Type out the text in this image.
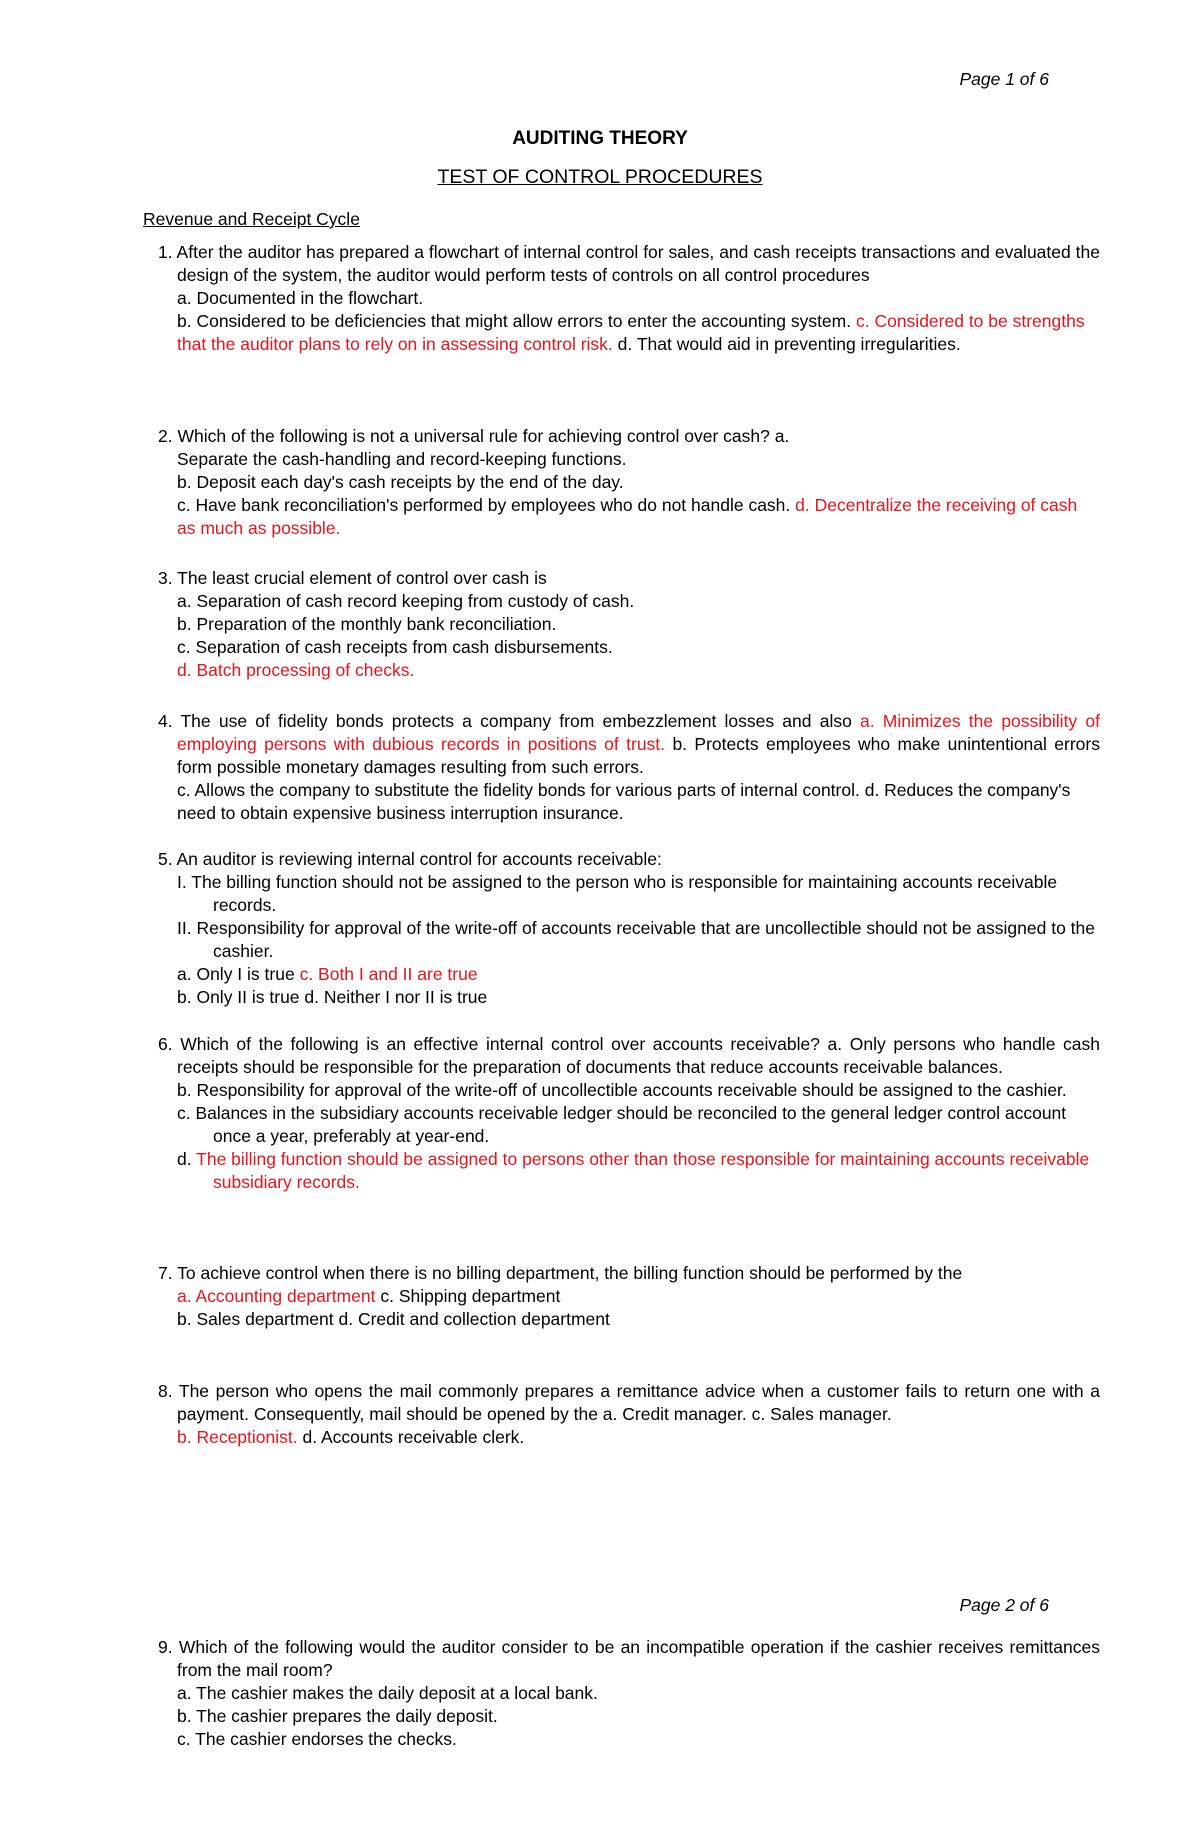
Page 1 of 6
AUDITING THEORY
TEST OF CONTROL PROCEDURES
Revenue and Receipt Cycle
1. After the auditor has prepared a flowchart of internal control for sales, and cash receipts transactions and evaluated the design of the system, the auditor would perform tests of controls on all control procedures
a. Documented in the flowchart.
b. Considered to be deficiencies that might allow errors to enter the accounting system. c. Considered to be strengths that the auditor plans to rely on in assessing control risk. d. That would aid in preventing irregularities.
2. Which of the following is not a universal rule for achieving control over cash? a.
Separate the cash-handling and record-keeping functions.
b. Deposit each day's cash receipts by the end of the day.
c. Have bank reconciliation's performed by employees who do not handle cash. d. Decentralize the receiving of cash as much as possible.
3. The least crucial element of control over cash is
a. Separation of cash record keeping from custody of cash.
b. Preparation of the monthly bank reconciliation.
c. Separation of cash receipts from cash disbursements.
d. Batch processing of checks.
4. The use of fidelity bonds protects a company from embezzlement losses and also a. Minimizes the possibility of employing persons with dubious records in positions of trust. b. Protects employees who make unintentional errors form possible monetary damages resulting from such errors.
c. Allows the company to substitute the fidelity bonds for various parts of internal control. d. Reduces the company's need to obtain expensive business interruption insurance.
5. An auditor is reviewing internal control for accounts receivable:
I. The billing function should not be assigned to the person who is responsible for maintaining accounts receivable records.
II. Responsibility for approval of the write-off of accounts receivable that are uncollectible should not be assigned to the cashier.
a. Only I is true c. Both I and II are true
b. Only II is true d. Neither I nor II is true
6. Which of the following is an effective internal control over accounts receivable? a. Only persons who handle cash receipts should be responsible for the preparation of documents that reduce accounts receivable balances.
b. Responsibility for approval of the write-off of uncollectible accounts receivable should be assigned to the cashier.
c. Balances in the subsidiary accounts receivable ledger should be reconciled to the general ledger control account once a year, preferably at year-end.
d. The billing function should be assigned to persons other than those responsible for maintaining accounts receivable subsidiary records.
7. To achieve control when there is no billing department, the billing function should be performed by the
a. Accounting department c. Shipping department
b. Sales department d. Credit and collection department
8. The person who opens the mail commonly prepares a remittance advice when a customer fails to return one with a payment. Consequently, mail should be opened by the a. Credit manager. c. Sales manager.
b. Receptionist. d. Accounts receivable clerk.
Page 2 of 6
9. Which of the following would the auditor consider to be an incompatible operation if the cashier receives remittances from the mail room?
a. The cashier makes the daily deposit at a local bank.
b. The cashier prepares the daily deposit.
c. The cashier endorses the checks.
